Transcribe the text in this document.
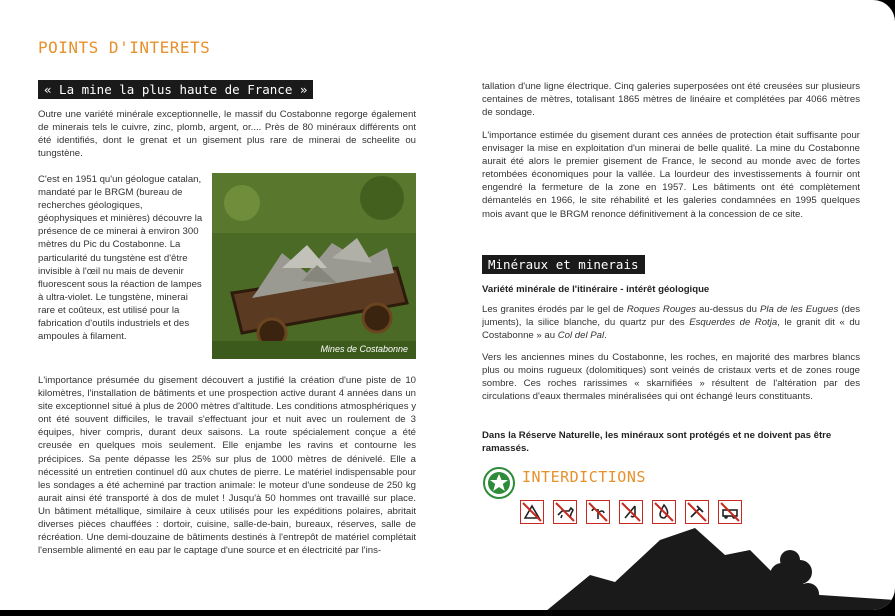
POINTS D'INTERETS
« La mine la plus haute de France »

Outre une variété minérale exceptionnelle, le massif du Costabonne regorge également de minerais tels le cuivre, zinc, plomb, argent, or.... Près de 80 minéraux différents ont été identifiés, dont le grenat et un gisement plus rare de minerai de scheelite ou tungstène.

C'est en 1951 qu'un géologue catalan, mandaté par le BRGM (bureau de recherches géologiques, géophysiques et minières) découvre la présence de ce minerai à environ 300 mètres du Pic du Costabonne. La particularité du tungstène est d'être invisible à l'œil nu mais de devenir fluorescent sous la réaction de lampes à ultra-violet. Le tungstène, minerai rare et coûteux, est utilisé pour la fabrication d'outils industriels et des ampoules à filament.

Mines de Costabonne

L'importance présumée du gisement découvert a justifié la création d'une piste de 10 kilomètres, l'installation de bâtiments et une prospection active durant 4 années dans un site exceptionnel situé à plus de 2000 mètres d'altitude. Les conditions atmosphériques y ont été souvent difficiles, le travail s'effectuant jour et nuit avec un roulement de 3 équipes, hiver compris, durant deux saisons. La route spécialement conçue a été creusée en quelques mois seulement. Elle enjambe les ravins et contourne les précipices. Sa pente dépasse les 25% sur plus de 1000 mètres de dénivelé. Elle a nécessité un entretien continuel dû aux chutes de pierre. Le matériel indispensable pour les sondages a été acheminé par traction animale: le moteur d'une sondeuse de 250 kg aurait ainsi été transporté à dos de mulet ! Jusqu'à 50 hommes ont travaillé sur place. Un bâtiment métallique, similaire à ceux utilisés pour les expéditions polaires, abritait diverses pièces chauffées : dortoir, cuisine, salle-de-bain, bureaux, réserves, salle de récréation. Une demi-douzaine de bâtiments destinés à l'entrepôt de matériel complétait l'ensemble alimenté en eau par le captage d'une source et en électricité par l'ins-

tallation d'une ligne électrique. Cinq galeries superposées ont été creusées sur plusieurs centaines de mètres, totalisant 1865 mètres de linéaire et complétées par 4066 mètres de sondage.

L'importance estimée du gisement durant ces années de protection était suffisante pour envisager la mise en exploitation d'un minerai de belle qualité. La mine du Costabonne aurait été alors le premier gisement de France, le second au monde avec de fortes retombées économiques pour la vallée. La lourdeur des investissements à fournir ont engendré la fermeture de la zone en 1957. Les bâtiments ont été complètement démantelés en 1966, le site réhabilité et les galeries condamnées en 1995 quelques mois avant que le BRGM renonce définitivement à la concession de ce site.

Minéraux et minerais
Variété minérale de l'itinéraire - intérêt géologique

Les granites érodés par le gel de Roques Rouges au-dessus du Pla de les Eugues (des juments), la silice blanche, du quartz pur des Esquerdes de Rotja, le granit dit « du Costabonne » au Col del Pal.

Vers les anciennes mines du Costabonne, les roches, en majorité des marbres blancs plus ou moins rugueux (dolomitiques) sont veinés de cristaux verts et de zones rouge sombre. Ces roches rarissimes « skarnifiées » résultent de l'altération par des circulations d'eaux thermales minéralisées qui ont échangé leurs constituants.

Dans la Réserve Naturelle, les minéraux sont protégés et ne doivent pas être ramassés.
INTERDICTIONS
